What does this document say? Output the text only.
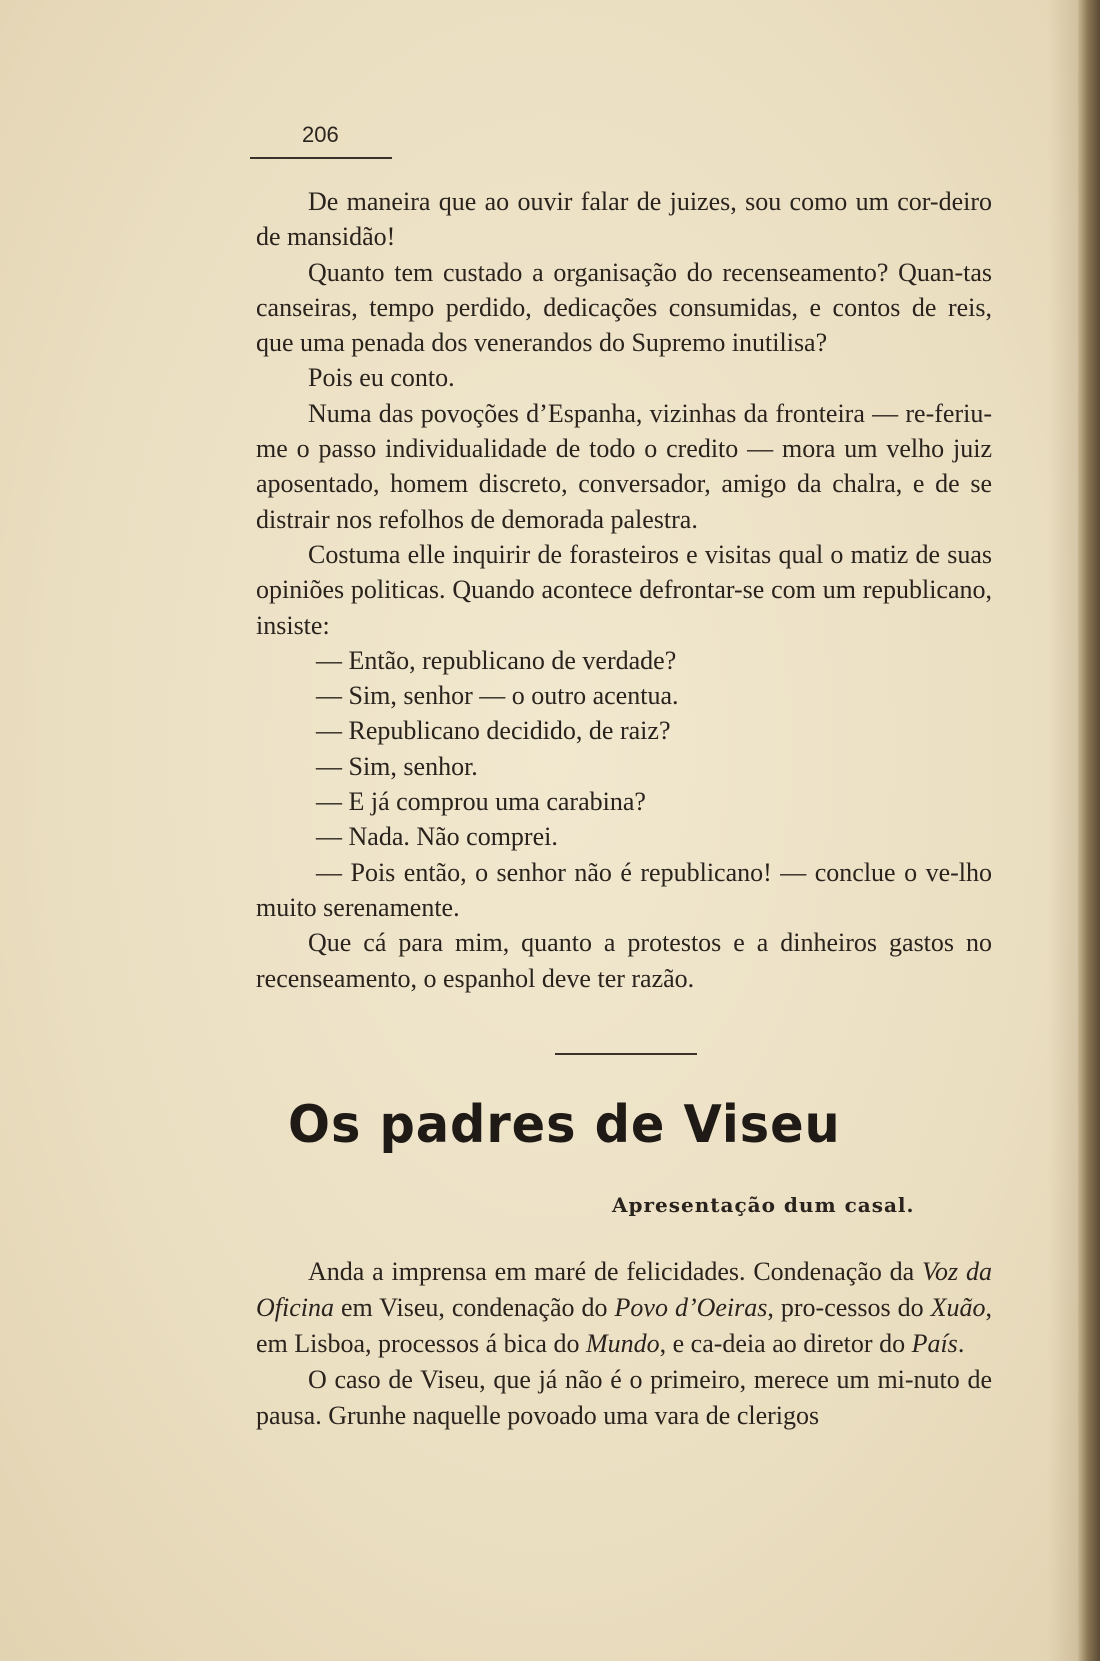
206

De maneira que ao ouvir falar de juizes, sou como um cor-deiro de mansidão!

Quanto tem custado a organisação do recenseamento? Quan-tas canseiras, tempo perdido, dedicações consumidas, e contos de reis, que uma penada dos venerandos do Supremo inutilisa?

Pois eu conto.

Numa das povoções d’Espanha, vizinhas da fronteira — re-feriu-me o passo individualidade de todo o credito — mora um velho juiz aposentado, homem discreto, conversador, amigo da chalra, e de se distrair nos refolhos de demorada palestra.

Costuma elle inquirir de forasteiros e visitas qual o matiz de suas opiniões politicas. Quando acontece defrontar-se com um republicano, insiste:

— Então, republicano de verdade?

— Sim, senhor — o outro acentua.

— Republicano decidido, de raiz?

— Sim, senhor.

— E já comprou uma carabina?

— Nada. Não comprei.

— Pois então, o senhor não é republicano! — conclue o ve-lho muito serenamente.

Que cá para mim, quanto a protestos e a dinheiros gastos no recenseamento, o espanhol deve ter razão.

Os padres de Viseu
Apresentação dum casal.

Anda a imprensa em maré de felicidades. Condenação da Voz da Oficina em Viseu, condenação do Povo d’Oeiras, pro-cessos do Xuão, em Lisboa, processos á bica do Mundo, e ca-deia ao diretor do País.

O caso de Viseu, que já não é o primeiro, merece um mi-nuto de pausa. Grunhe naquelle povoado uma vara de clerigos
